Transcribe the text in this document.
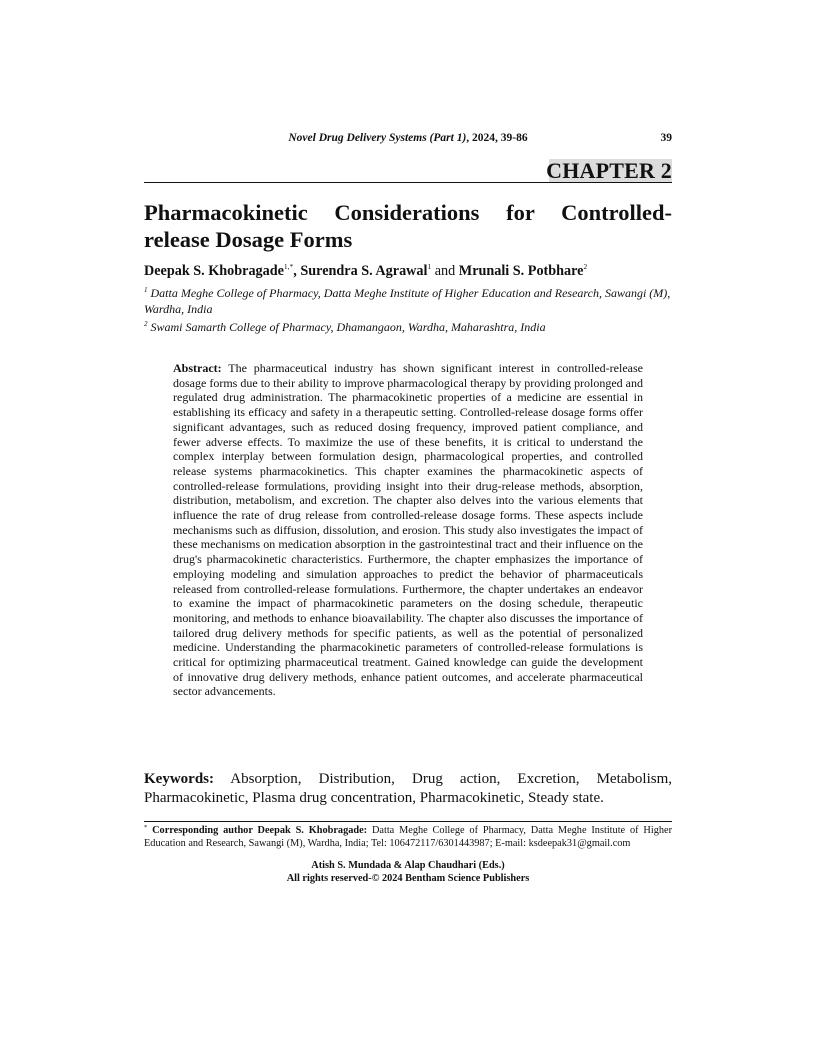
Novel Drug Delivery Systems (Part 1), 2024, 39-86	39
CHAPTER 2
Pharmacokinetic Considerations for Controlled-release Dosage Forms
Deepak S. Khobragade$^{1,*}$, Surendra S. Agrawal$^1$ and Mrunali S. Potbhare$^2$
$^1$ Datta Meghe College of Pharmacy, Datta Meghe Institute of Higher Education and Research, Sawangi (M), Wardha, India
$^2$ Swami Samarth College of Pharmacy, Dhamangaon, Wardha, Maharashtra, India

Abstract: The pharmaceutical industry has shown significant interest in controlled-release dosage forms due to their ability to improve pharmacological therapy by providing prolonged and regulated drug administration. The pharmacokinetic properties of a medicine are essential in establishing its efficacy and safety in a therapeutic setting. Controlled-release dosage forms offer significant advantages, such as reduced dosing frequency, improved patient compliance, and fewer adverse effects. To maximize the use of these benefits, it is critical to understand the complex interplay between formulation design, pharmacological properties, and controlled release systems pharmacokinetics. This chapter examines the pharmacokinetic aspects of controlled-release formulations, providing insight into their drug-release methods, absorption, distribution, metabolism, and excretion. The chapter also delves into the various elements that influence the rate of drug release from controlled-release dosage forms. These aspects include mechanisms such as diffusion, dissolution, and erosion. This study also investigates the impact of these mechanisms on medication absorption in the gastrointestinal tract and their influence on the drug's pharmacokinetic characteristics. Furthermore, the chapter emphasizes the importance of employing modeling and simulation approaches to predict the behavior of pharmaceuticals released from controlled-release formulations. Furthermore, the chapter undertakes an endeavor to examine the impact of pharmacokinetic parameters on the dosing schedule, therapeutic monitoring, and methods to enhance bioavailability. The chapter also discusses the importance of tailored drug delivery methods for specific patients, as well as the potential of personalized medicine. Understanding the pharmacokinetic parameters of controlled-release formulations is critical for optimizing pharmaceutical treatment. Gained knowledge can guide the development of innovative drug delivery methods, enhance patient outcomes, and accelerate pharmaceutical sector advancements.

Keywords: Absorption, Distribution, Drug action, Excretion, Metabolism, Pharmacokinetic, Plasma drug concentration, Pharmacokinetic, Steady state.

* Corresponding author Deepak S. Khobragade: Datta Meghe College of Pharmacy, Datta Meghe Institute of Higher Education and Research, Sawangi (M), Wardha, India; Tel: 106472117/6301443987; E-mail: ksdeepak31@gmail.com

Atish S. Mundada & Alap Chaudhari (Eds.)
All rights reserved-© 2024 Bentham Science Publishers
